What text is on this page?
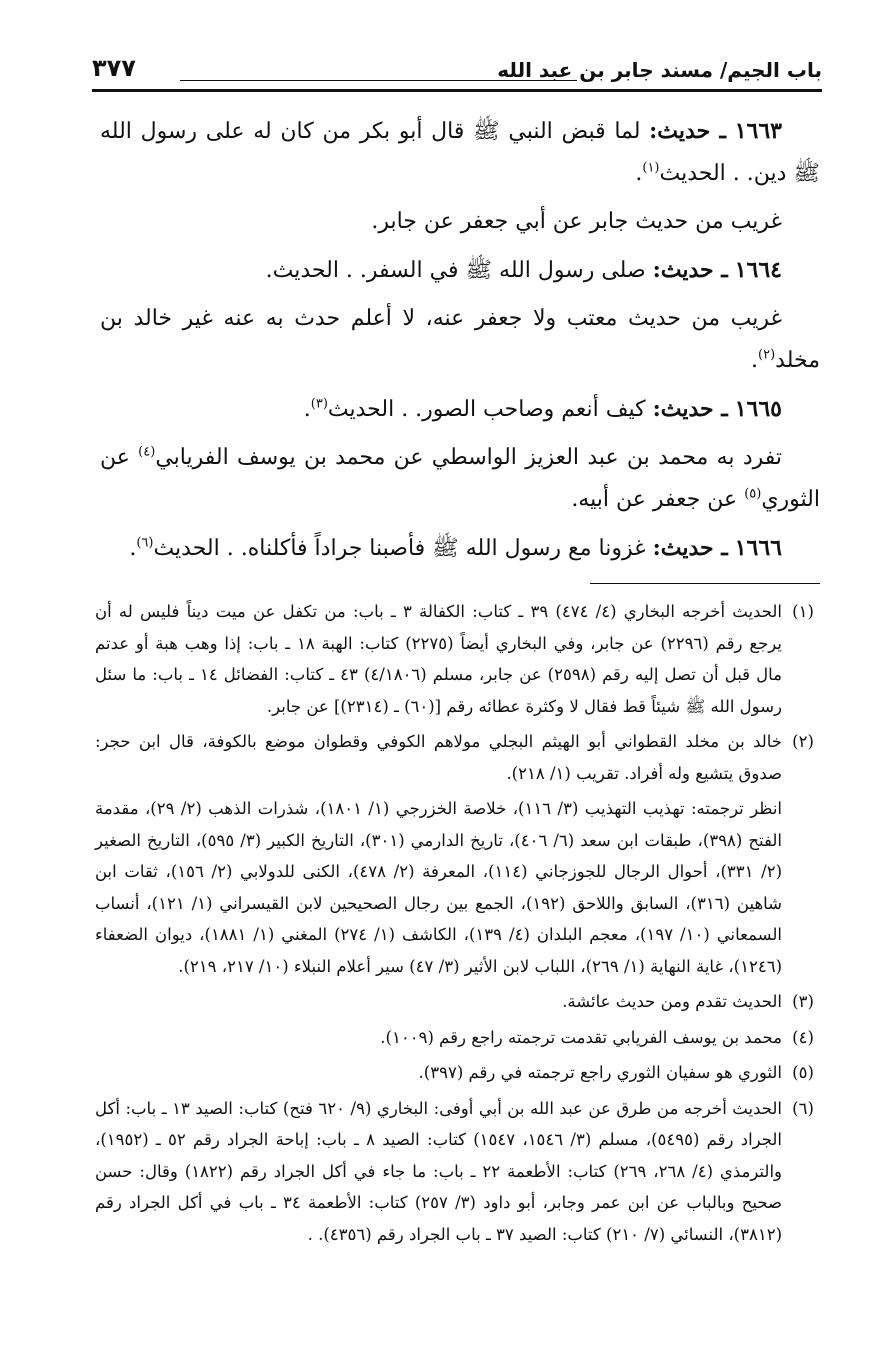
باب الجيم/ مسند جابر بن عبد الله
٣٧٧

١٦٦٣ ـ حديث: لما قبض النبي ﷺ قال أبو بكر من كان له على رسول الله ﷺ دين. . الحديث$^{(١)}$.

غريب من حديث جابر عن أبي جعفر عن جابر.

١٦٦٤ ـ حديث: صلى رسول الله ﷺ في السفر. . الحديث.

غريب من حديث معتب ولا جعفر عنه، لا أعلم حدث به عنه غير خالد بن مخلد$^{(٢)}$.

١٦٦٥ ـ حديث: كيف أنعم وصاحب الصور. . الحديث$^{(٣)}$.

تفرد به محمد بن عبد العزيز الواسطي عن محمد بن يوسف الفريابي$^{(٤)}$ عن الثوري$^{(٥)}$ عن جعفر عن أبيه.

١٦٦٦ ـ حديث: غزونا مع رسول الله ﷺ فأصبنا جراداً فأكلناه. . الحديث$^{(٦)}$.

(١)
الحديث أخرجه البخاري (٤/ ٤٧٤) ٣٩ ـ كتاب: الكفالة ٣ ـ باب: من تكفل عن ميت ديناً فليس له أن يرجع رقم (٢٢٩٦) عن جابر، وفي البخاري أيضاً (٢٢٧٥) كتاب: الهبة ١٨ ـ باب: إذا وهب هبة أو عدتم مال قبل أن تصل إليه رقم (٢٥٩٨) عن جابر، مسلم (٤/١٨٠٦) ٤٣ ـ كتاب: الفضائل ١٤ ـ باب: ما سئل رسول الله ﷺ شيئاً قط فقال لا وكثرة عطائه رقم [(٦٠) ـ (٢٣١٤)] عن جابر.
(٢)
خالد بن مخلد القطواني أبو الهيثم البجلي مولاهم الكوفي وقطوان موضع بالكوفة، قال ابن حجر: صدوق يتشيع وله أفراد. تقريب (١/ ٢١٨).
انظر ترجمته: تهذيب التهذيب (٣/ ١١٦)، خلاصة الخزرجي (١/ ١٨٠١)، شذرات الذهب (٢/ ٢٩)، مقدمة الفتح (٣٩٨)، طبقات ابن سعد (٦/ ٤٠٦)، تاريخ الدارمي (٣٠١)، التاريخ الكبير (٣/ ٥٩٥)، التاريخ الصغير (٢/ ٣٣١)، أحوال الرجال للجوزجاني (١١٤)، المعرفة (٢/ ٤٧٨)، الكنى للدولابي (٢/ ١٥٦)، ثقات ابن شاهين (٣١٦)، السابق واللاحق (١٩٢)، الجمع بين رجال الصحيحين لابن القيسراني (١/ ١٢١)، أنساب السمعاني (١٠/ ١٩٧)، معجم البلدان (٤/ ١٣٩)، الكاشف (١/ ٢٧٤) المغني (١/ ١٨٨١)، ديوان الضعفاء (١٢٤٦)، غاية النهاية (١/ ٢٦٩)، اللباب لابن الأثير (٣/ ٤٧) سير أعلام النبلاء (١٠/ ٢١٧، ٢١٩).
(٣)
الحديث تقدم ومن حديث عائشة.
(٤)
محمد بن يوسف الفريابي تقدمت ترجمته راجع رقم (١٠٠٩).
(٥)
الثوري هو سفيان الثوري راجع ترجمته في رقم (٣٩٧).
(٦)
الحديث أخرجه من طرق عن عبد الله بن أبي أوفى: البخاري (٩/ ٦٢٠ فتح) كتاب: الصيد ١٣ ـ باب: أكل الجراد رقم (٥٤٩٥)، مسلم (٣/ ١٥٤٦، ١٥٤٧) كتاب: الصيد ٨ ـ باب: إباحة الجراد رقم ٥٢ ـ (١٩٥٢)، والترمذي (٤/ ٢٦٨، ٢٦٩) كتاب: الأطعمة ٢٢ ـ باب: ما جاء في أكل الجراد رقم (١٨٢٢) وقال: حسن صحيح وبالباب عن ابن عمر وجابر، أبو داود (٣/ ٢٥٧) كتاب: الأطعمة ٣٤ ـ باب في أكل الجراد رقم (٣٨١٢)، النسائي (٧/ ٢١٠) كتاب: الصيد ٣٧ ـ باب الجراد رقم (٤٣٥٦). .
